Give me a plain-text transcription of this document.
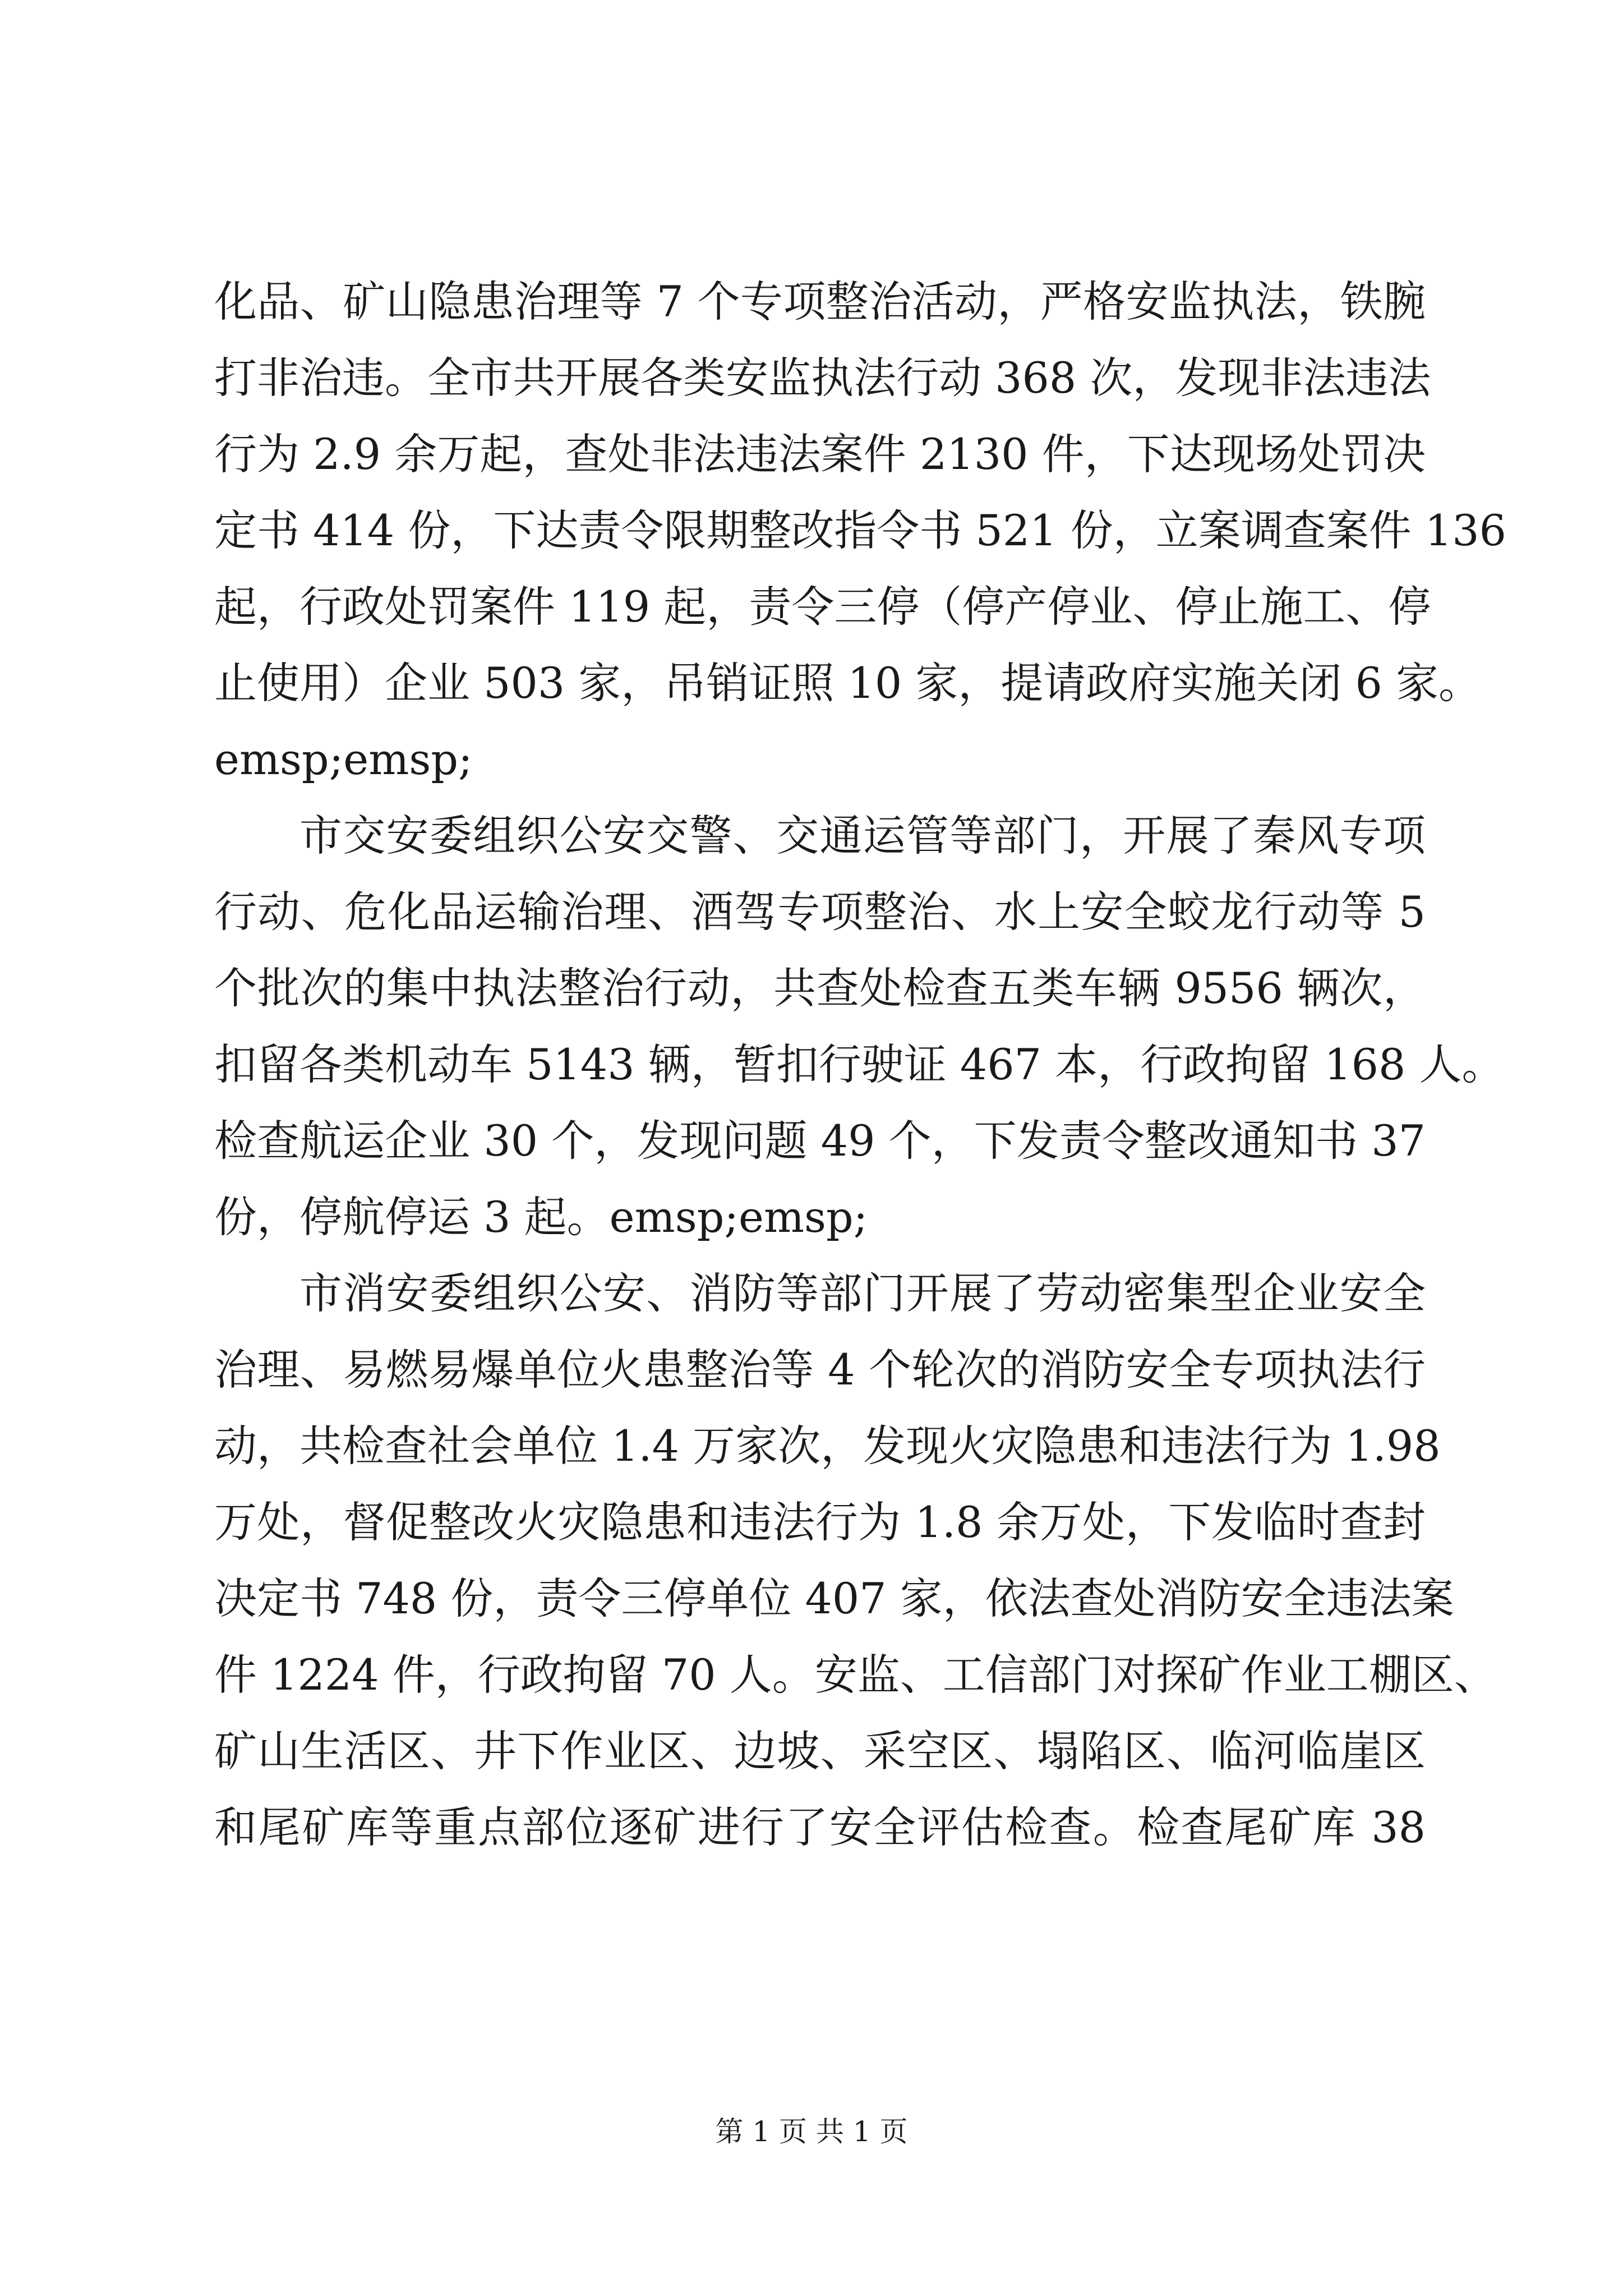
化品、矿山隐患治理等 7 个专项整治活动，严格安监执法，铁腕
打非治违。全市共开展各类安监执法行动 368 次，发现非法违法
行为 2.9 余万起，查处非法违法案件 2130 件，下达现场处罚决
定书 414 份，下达责令限期整改指令书 521 份，立案调查案件 136
起，行政处罚案件 119 起，责令三停（停产停业、停止施工、停
止使用）企业 503 家，吊销证照 10 家，提请政府实施关闭 6 家。
emsp;emsp;
市交安委组织公安交警、交通运管等部门，开展了秦风专项
行动、危化品运输治理、酒驾专项整治、水上安全蛟龙行动等 5
个批次的集中执法整治行动，共查处检查五类车辆 9556 辆次，
扣留各类机动车 5143 辆，暂扣行驶证 467 本，行政拘留 168 人。
检查航运企业 30 个，发现问题 49 个，下发责令整改通知书 37
份，停航停运 3 起。emsp;emsp;
市消安委组织公安、消防等部门开展了劳动密集型企业安全
治理、易燃易爆单位火患整治等 4 个轮次的消防安全专项执法行
动，共检查社会单位 1.4 万家次，发现火灾隐患和违法行为 1.98
万处，督促整改火灾隐患和违法行为 1.8 余万处，下发临时查封
决定书 748 份，责令三停单位 407 家，依法查处消防安全违法案
件 1224 件，行政拘留 70 人。安监、工信部门对探矿作业工棚区、
矿山生活区、井下作业区、边坡、采空区、塌陷区、临河临崖区
和尾矿库等重点部位逐矿进行了安全评估检查。检查尾矿库 38
第 1 页 共 1 页
